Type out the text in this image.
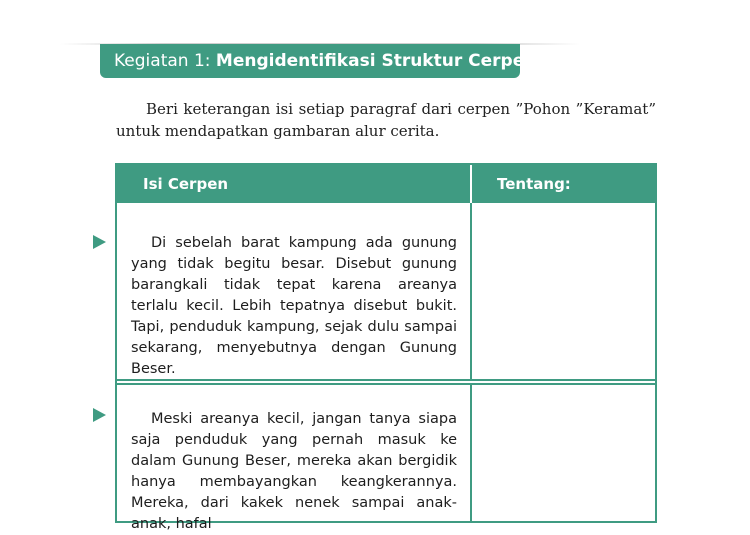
Kegiatan 1: Mengidentifikasi Struktur Cerpen

Beri keterangan isi setiap paragraf dari cerpen ”Pohon ”Keramat” untuk mendapatkan gambaran alur cerita.

Isi Cerpen	Tentang:

Di sebelah barat kampung ada gunung yang tidak begitu besar. Disebut gunung barangkali tidak tepat karena areanya terlalu kecil. Lebih tepatnya disebut bukit. Tapi, penduduk kampung, sejak dulu sampai sekarang, menyebutnya dengan Gunung Beser.

Meski areanya kecil, jangan tanya siapa saja penduduk yang pernah masuk ke dalam Gunung Beser, mereka akan bergidik hanya membayangkan keangkerannya. Mereka, dari kakek nenek sampai anak-anak, hafal
